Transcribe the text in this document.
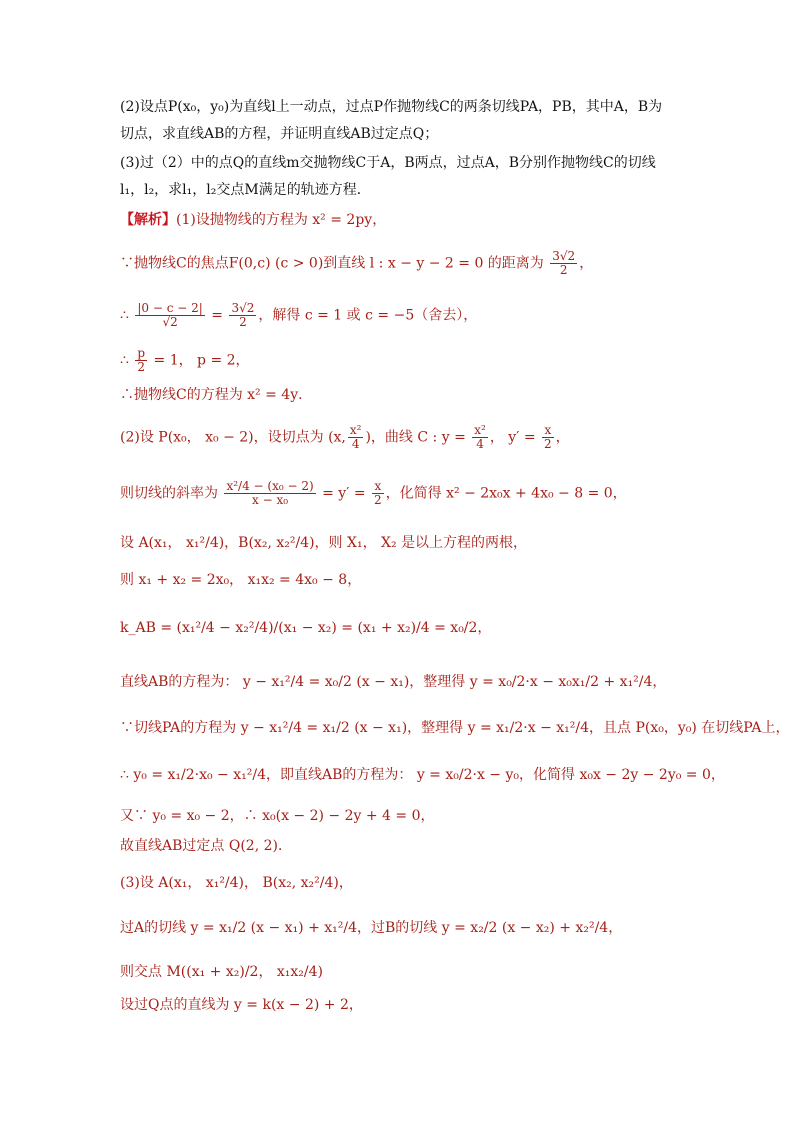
(2)设点P(x₀，y₀)为直线l上一动点，过点P作抛物线C的两条切线PA，PB，其中A，B为
切点，求直线AB的方程，并证明直线AB过定点Q；
(3)过（2）中的点Q的直线m交抛物线C于A，B两点，过点A，B分别作抛物线C的切线
l₁，l₂，求l₁，l₂交点M满足的轨迹方程．
【解析】(1)设抛物线的方程为 x² = 2py，
∵抛物线C的焦点F(0,c) (c > 0)到直线 l : x − y − 2 = 0 的距离为 $\frac{3√2}{2}$ ，
∴ $\frac{|0 - c - 2|}{√2} = \frac{3√2}{2}$ ，解得 c = 1 或 c = −5（舍去），
∴ $\frac{p}{2} = 1$， p = 2，
∴抛物线C的方程为 x² = 4y．
(2)设 P(x₀， x₀ − 2)，设切点为 (x, $\frac{\text{x²}}{4}$ )，曲线 C : $y = \frac{\text{x²}}{4}$ ， $y' = \frac{x}{2}$ ，
则切线的斜率为 $\frac{\text{x²/4 − (x₀ − 2)}}{\text{x − x₀}} = y' = \frac{x}{2}$ ，化简得 x² − 2x₀x + 4x₀ − 8 = 0，
设 A(x₁， x₁²/4)，B(x₂, x₂²/4)，则 X₁， X₂ 是以上方程的两根，
则 x₁ + x₂ = 2x₀， x₁x₂ = 4x₀ − 8，
k_AB = (x₁²/4 − x₂²/4)/(x₁ − x₂) = (x₁ + x₂)/4 = x₀/2，
直线AB的方程为： y − x₁²/4 = x₀/2 (x − x₁)，整理得 y = x₀/2·x − x₀x₁/2 + x₁²/4，
∵切线PA的方程为 y − x₁²/4 = x₁/2 (x − x₁)，整理得 y = x₁/2·x − x₁²/4，且点 P(x₀，y₀) 在切线PA上，
∴ y₀ = x₁/2·x₀ − x₁²/4，即直线AB的方程为： y = x₀/2·x − y₀，化简得 x₀x − 2y − 2y₀ = 0，
又∵ y₀ = x₀ − 2，∴ x₀(x − 2) − 2y + 4 = 0，
故直线AB过定点 Q(2, 2)．
(3)设 A(x₁， x₁²/4)， B(x₂, x₂²/4)，
过A的切线 y = x₁/2 (x − x₁) + x₁²/4，过B的切线 y = x₂/2 (x − x₂) + x₂²/4，
则交点 M((x₁ + x₂)/2， x₁x₂/4)
设过Q点的直线为 y = k(x − 2) + 2，
